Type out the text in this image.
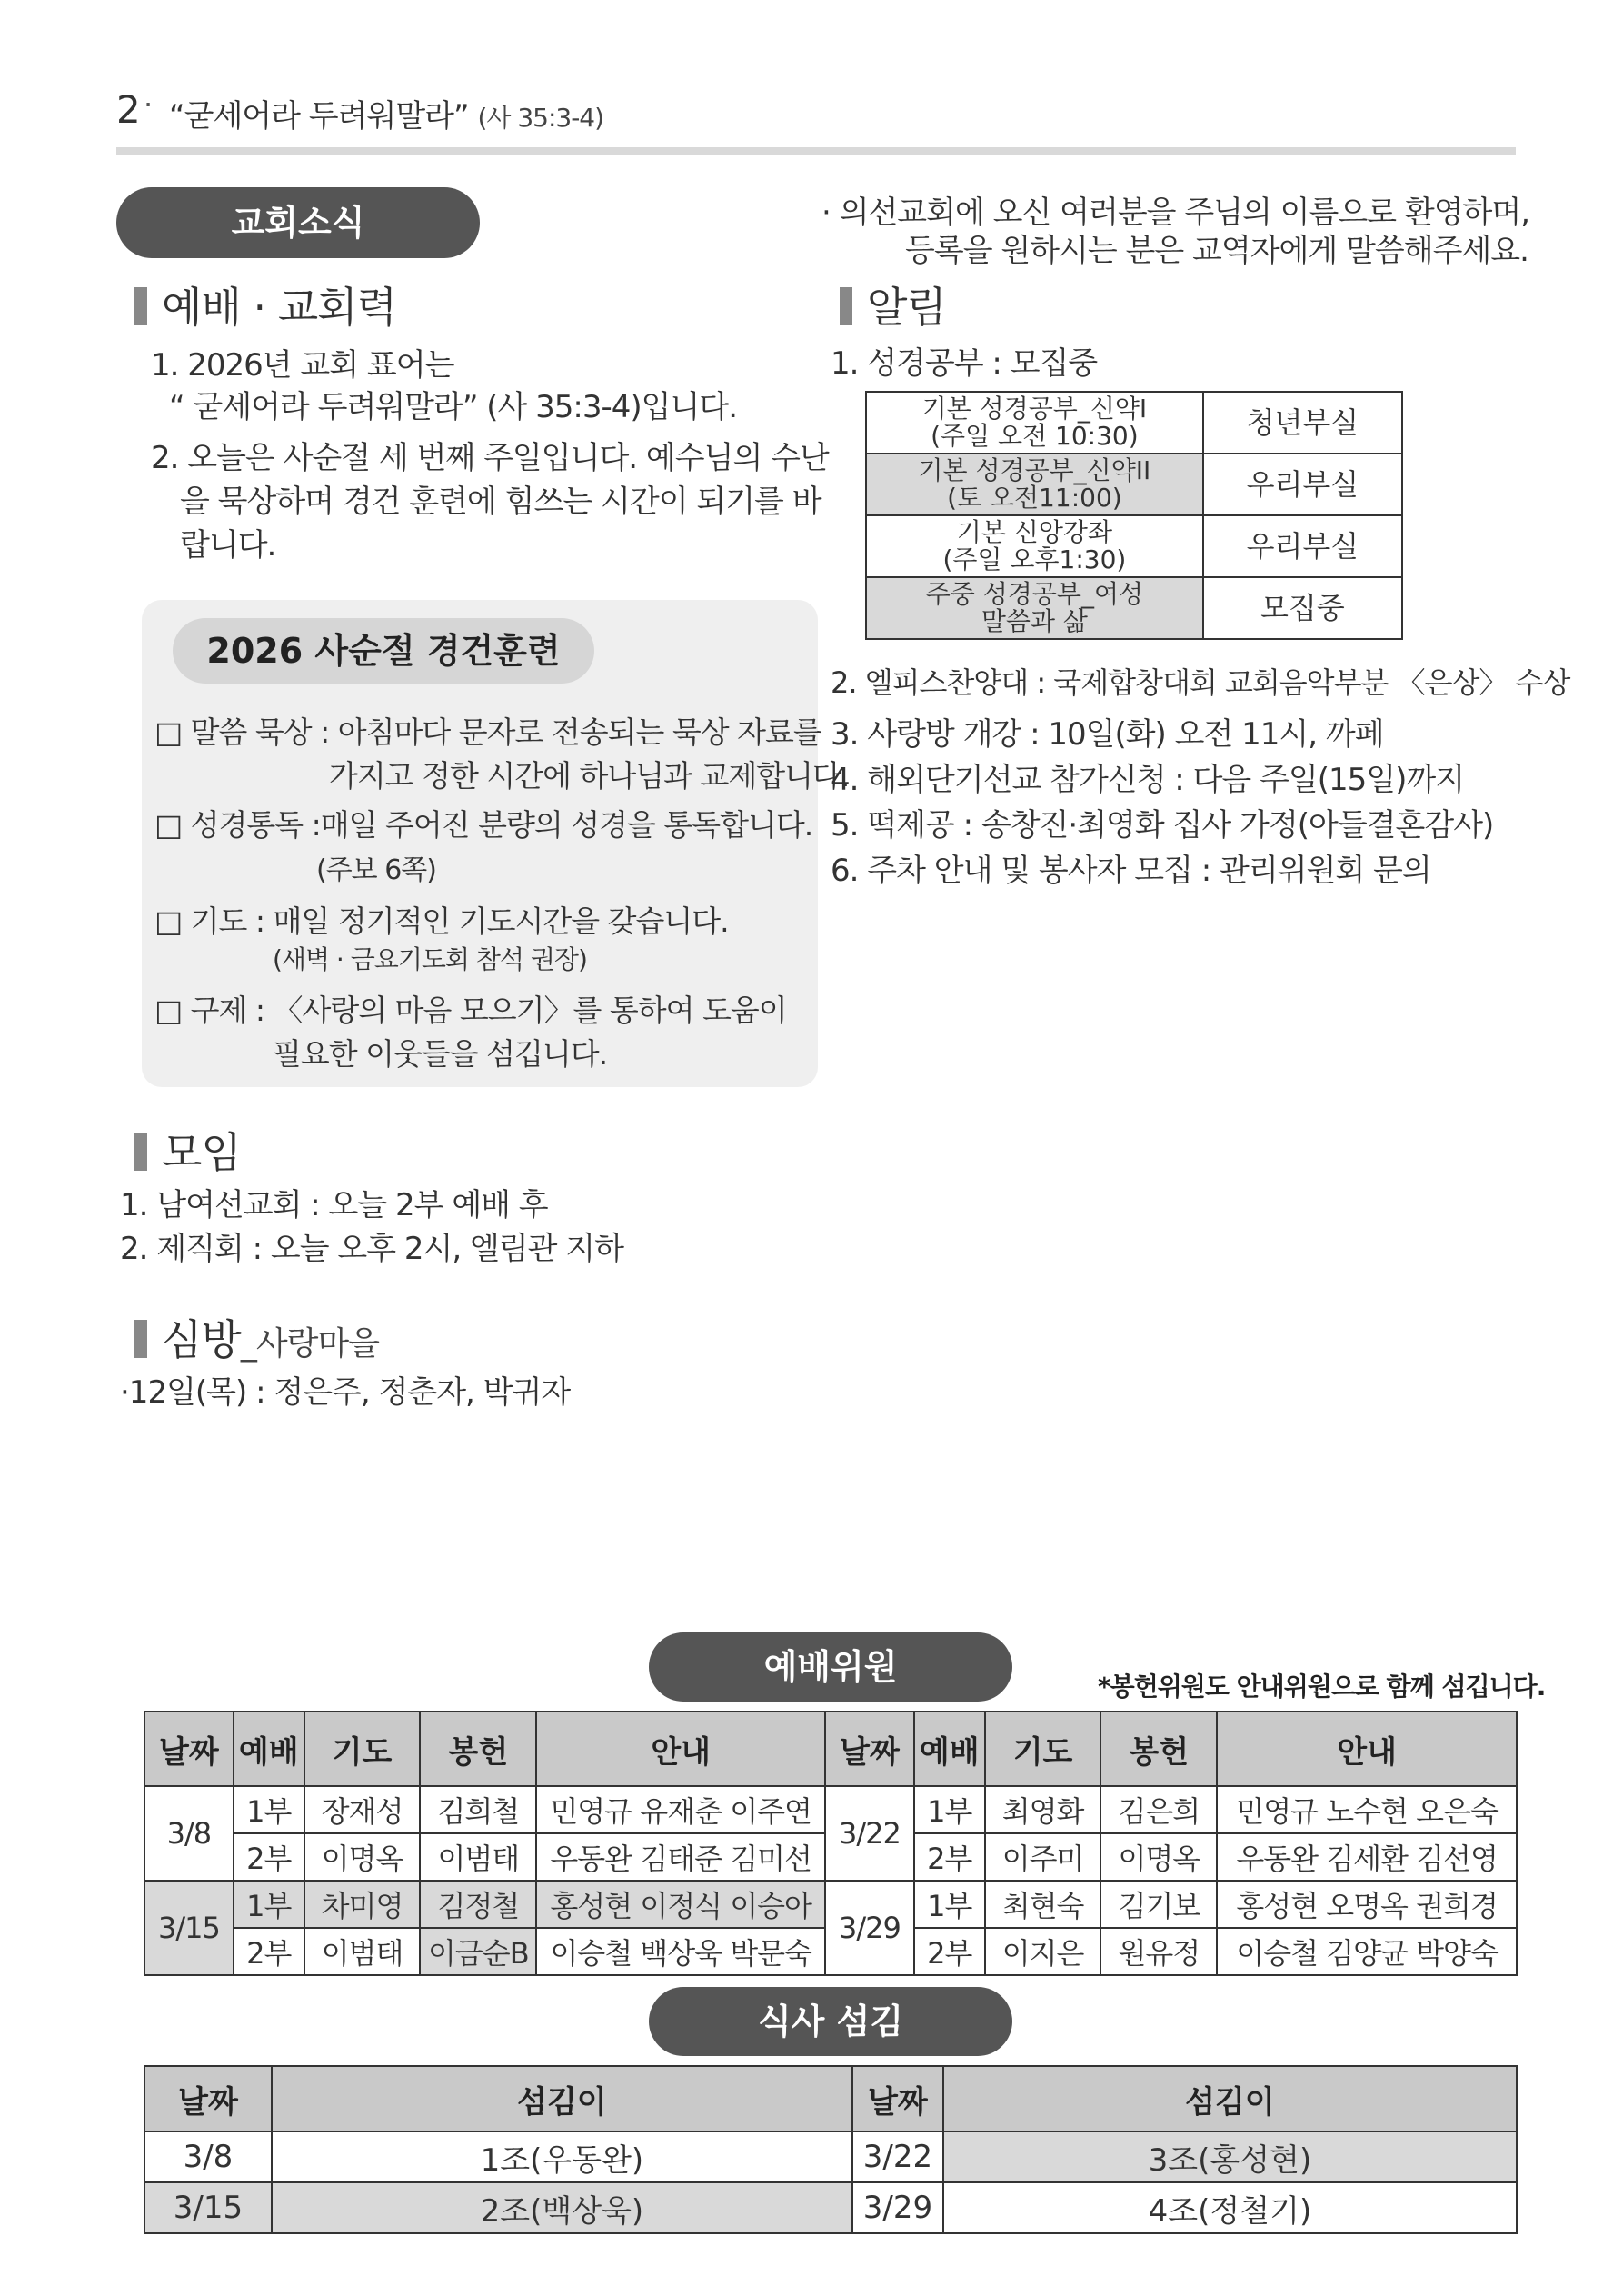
2 · “굳세어라 두려워말라” (사 35:3-4)
교회소식
예배 · 교회력
1. 2026년 교회 표어는
“ 굳세어라 두려워말라” (사 35:3-4)입니다.
2. 오늘은 사순절 세 번째 주일입니다. 예수님의 수난
을 묵상하며 경건 훈련에 힘쓰는 시간이 되기를 바
랍니다.
2026 사순절 경건훈련
□ 말씀 묵상 : 아침마다 문자로 전송되는 묵상 자료를
가지고 정한 시간에 하나님과 교제합니다.
□ 성경통독 :매일 주어진 분량의 성경을 통독합니다.
(주보 6쪽)
□ 기도 : 매일 정기적인 기도시간을 갖습니다.
(새벽 · 금요기도회 참석 권장)
□ 구제 : 〈사랑의 마음 모으기〉를 통하여 도움이
필요한 이웃들을 섬깁니다.
모임
1. 남여선교회 : 오늘 2부 예배 후
2. 제직회 : 오늘 오후 2시, 엘림관 지하
심방_사랑마을
·12일(목) : 정은주, 정춘자, 박귀자
· 의선교회에 오신 여러분을 주님의 이름으로 환영하며,
등록을 원하시는 분은 교역자에게 말씀해주세요.
알림
1. 성경공부 : 모집중
기본 성경공부_신약I
(주일 오전 10:30)	청년부실

기본 성경공부_신약II
(토 오전11:00)	우리부실

기본 신앙강좌
(주일 오후1:30)	우리부실

주중 성경공부_여성
말씀과 삶	모집중
2. 엘피스찬양대 : 국제합창대회 교회음악부분 〈은상〉 수상
3. 사랑방 개강 : 10일(화) 오전 11시, 까페
4. 해외단기선교 참가신청 : 다음 주일(15일)까지
5. 떡제공 : 송창진·최영화 집사 가정(아들결혼감사)
6. 주차 안내 및 봉사자 모집 : 관리위원회 문의
예배위원	*봉헌위원도 안내위원으로 함께 섬깁니다.
날짜	예배	기도	봉헌	안내	날짜	예배	기도	봉헌	안내
3/8	1부	장재성	김희철	민영규 유재춘 이주연	3/22	1부	최영화	김은희	민영규 노수현 오은숙
	2부	이명옥	이범태	우동완 김태준 김미선		2부	이주미	이명옥	우동완 김세환 김선영
3/15	1부	차미영	김정철	홍성현 이정식 이승아	3/29	1부	최현숙	김기보	홍성현 오명옥 권희경
	2부	이범태	이금순B	이승철 백상욱 박문숙		2부	이지은	원유정	이승철 김양균 박양숙
식사 섬김
날짜	섬김이	날짜	섬김이
3/8	1조(우동완)	3/22	3조(홍성현)
3/15	2조(백상욱)	3/29	4조(정철기)
